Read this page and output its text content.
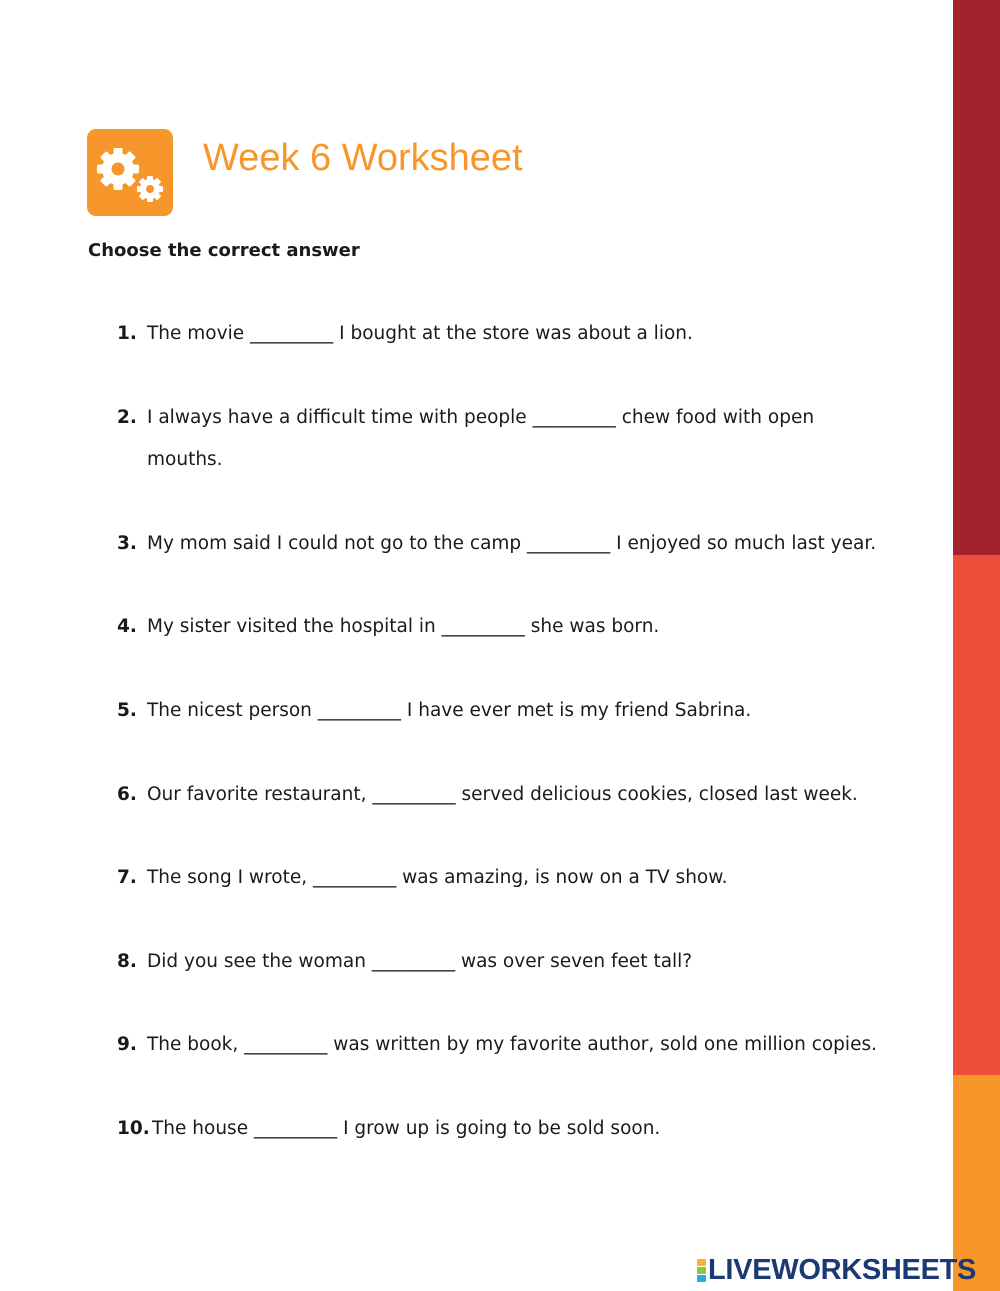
Week 6 Worksheet

Choose the correct answer

1. The movie _________ I bought at the store was about a lion.
2. I always have a difficult time with people _________ chew food with open
mouths.
3. My mom said I could not go to the camp _________ I enjoyed so much last year.
4. My sister visited the hospital in _________ she was born.
5. The nicest person _________ I have ever met is my friend Sabrina.
6. Our favorite restaurant, _________ served delicious cookies, closed last week.
7. The song I wrote, _________ was amazing, is now on a TV show.
8. Did you see the woman _________ was over seven feet tall?
9. The book, _________ was written by my favorite author, sold one million copies.
10. The house _________ I grow up is going to be sold soon.
LIVEWORKSHEETS
